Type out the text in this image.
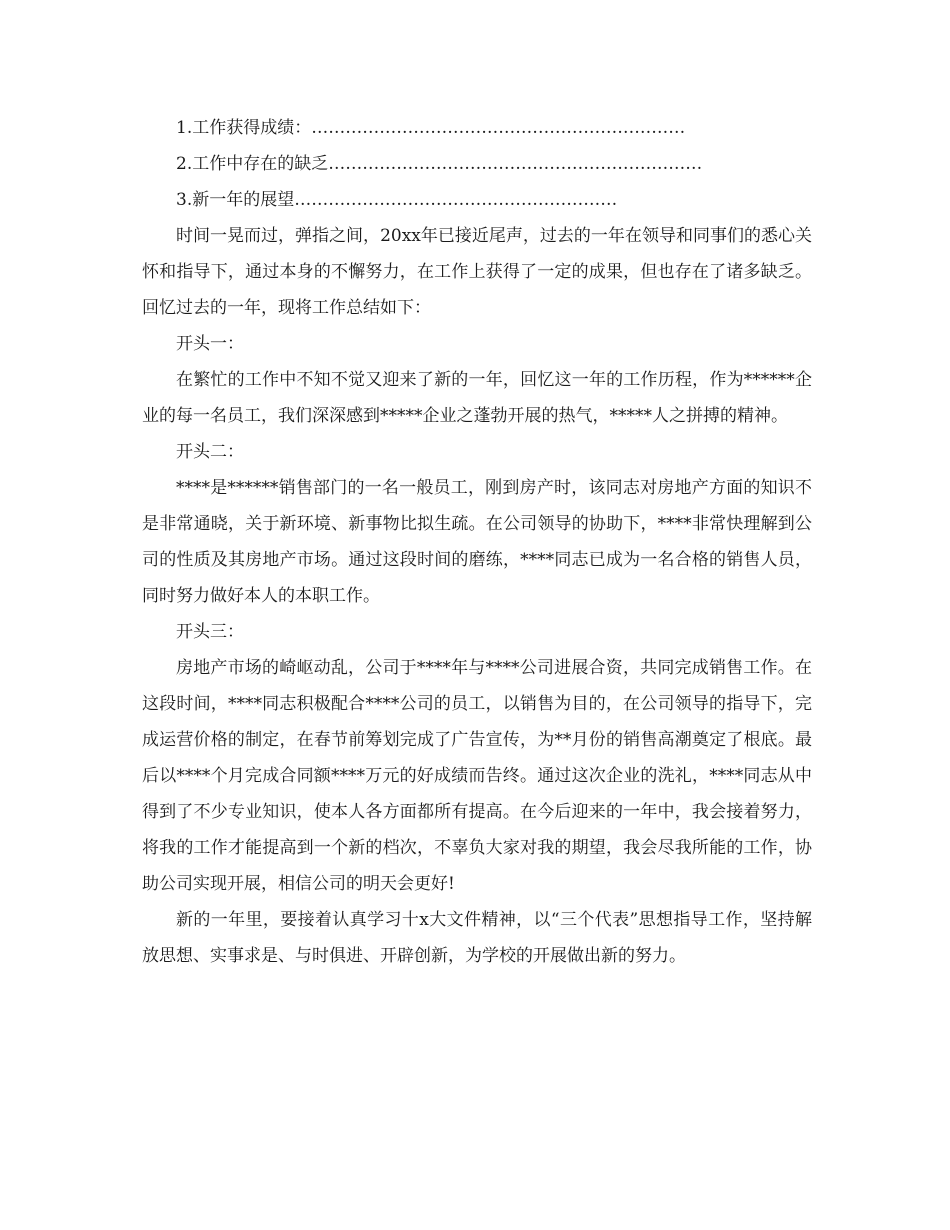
1.工作获得成绩：…………………………………………………………

2.工作中存在的缺乏…………………………………………………………

3.新一年的展望…………………………………………………

时间一晃而过，弹指之间，20xx年已接近尾声，过去的一年在领导和同事们的悉心关怀和指导下，通过本身的不懈努力，在工作上获得了一定的成果，但也存在了诸多缺乏。回忆过去的一年，现将工作总结如下：

开头一：

在繁忙的工作中不知不觉又迎来了新的一年，回忆这一年的工作历程，作为******企业的每一名员工，我们深深感到*****企业之蓬勃开展的热气，*****人之拼搏的精神。

开头二：

****是******销售部门的一名一般员工，刚到房产时，该同志对房地产方面的知识不是非常通晓，关于新环境、新事物比拟生疏。在公司领导的协助下，****非常快理解到公司的性质及其房地产市场。通过这段时间的磨练，****同志已成为一名合格的销售人员，同时努力做好本人的本职工作。

开头三：

房地产市场的崎岖动乱，公司于****年与****公司进展合资，共同完成销售工作。在这段时间，****同志积极配合****公司的员工，以销售为目的，在公司领导的指导下，完成运营价格的制定，在春节前筹划完成了广告宣传，为**月份的销售高潮奠定了根底。最后以****个月完成合同额****万元的好成绩而告终。通过这次企业的洗礼，****同志从中得到了不少专业知识，使本人各方面都所有提高。在今后迎来的一年中，我会接着努力，将我的工作才能提高到一个新的档次，不辜负大家对我的期望，我会尽我所能的工作，协助公司实现开展，相信公司的明天会更好!

新的一年里，要接着认真学习十x大文件精神，以“三个代表”思想指导工作，坚持解放思想、实事求是、与时俱进、开辟创新，为学校的开展做出新的努力。
